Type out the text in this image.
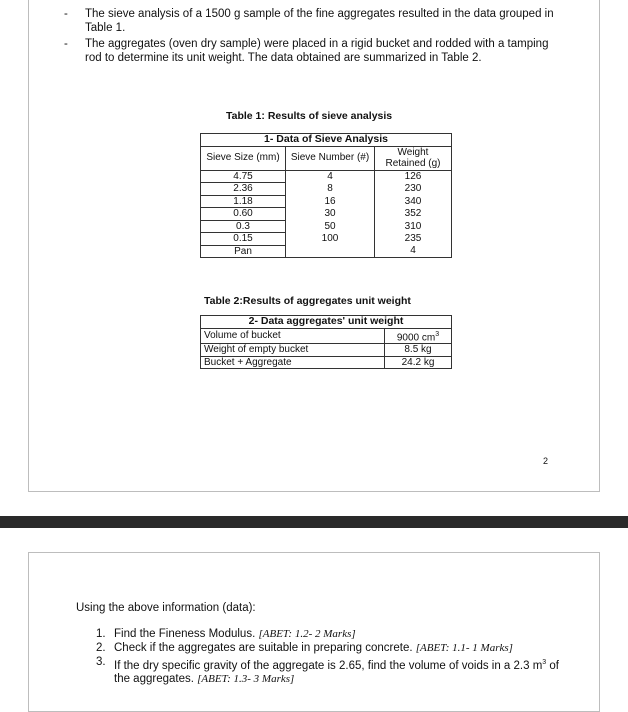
- The sieve analysis of a 1500 g sample of the fine aggregates resulted in the data grouped in Table 1.
- The aggregates (oven dry sample) were placed in a rigid bucket and rodded with a tamping rod to determine its unit weight. The data obtained are summarized in Table 2.
Table 1: Results of sieve analysis
1- Data of Sieve Analysis		
Sieve Size (mm)	Sieve Number (#)	Weight Retained (g)
4.75	4	126
2.36	8	230
1.18	16	340
0.60	30	352
0.3	50	310
0.15	100	235
Pan		4
Table 2:Results of aggregates unit weight
2- Data aggregates' unit weight	
Volume of bucket	9000 $cm^3$
Weight of empty bucket	8.5 kg
Bucket + Aggregate	24.2 kg
2
Using the above information (data):
1. Find the Fineness Modulus. [ABET: 1.2- 2 Marks]
2. Check if the aggregates are suitable in preparing concrete. [ABET: 1.1- 1 Marks]
3. If the dry specific gravity of the aggregate is 2.65, find the volume of voids in a 2.3 $m^3$ of the aggregates. [ABET: 1.3- 3 Marks]
